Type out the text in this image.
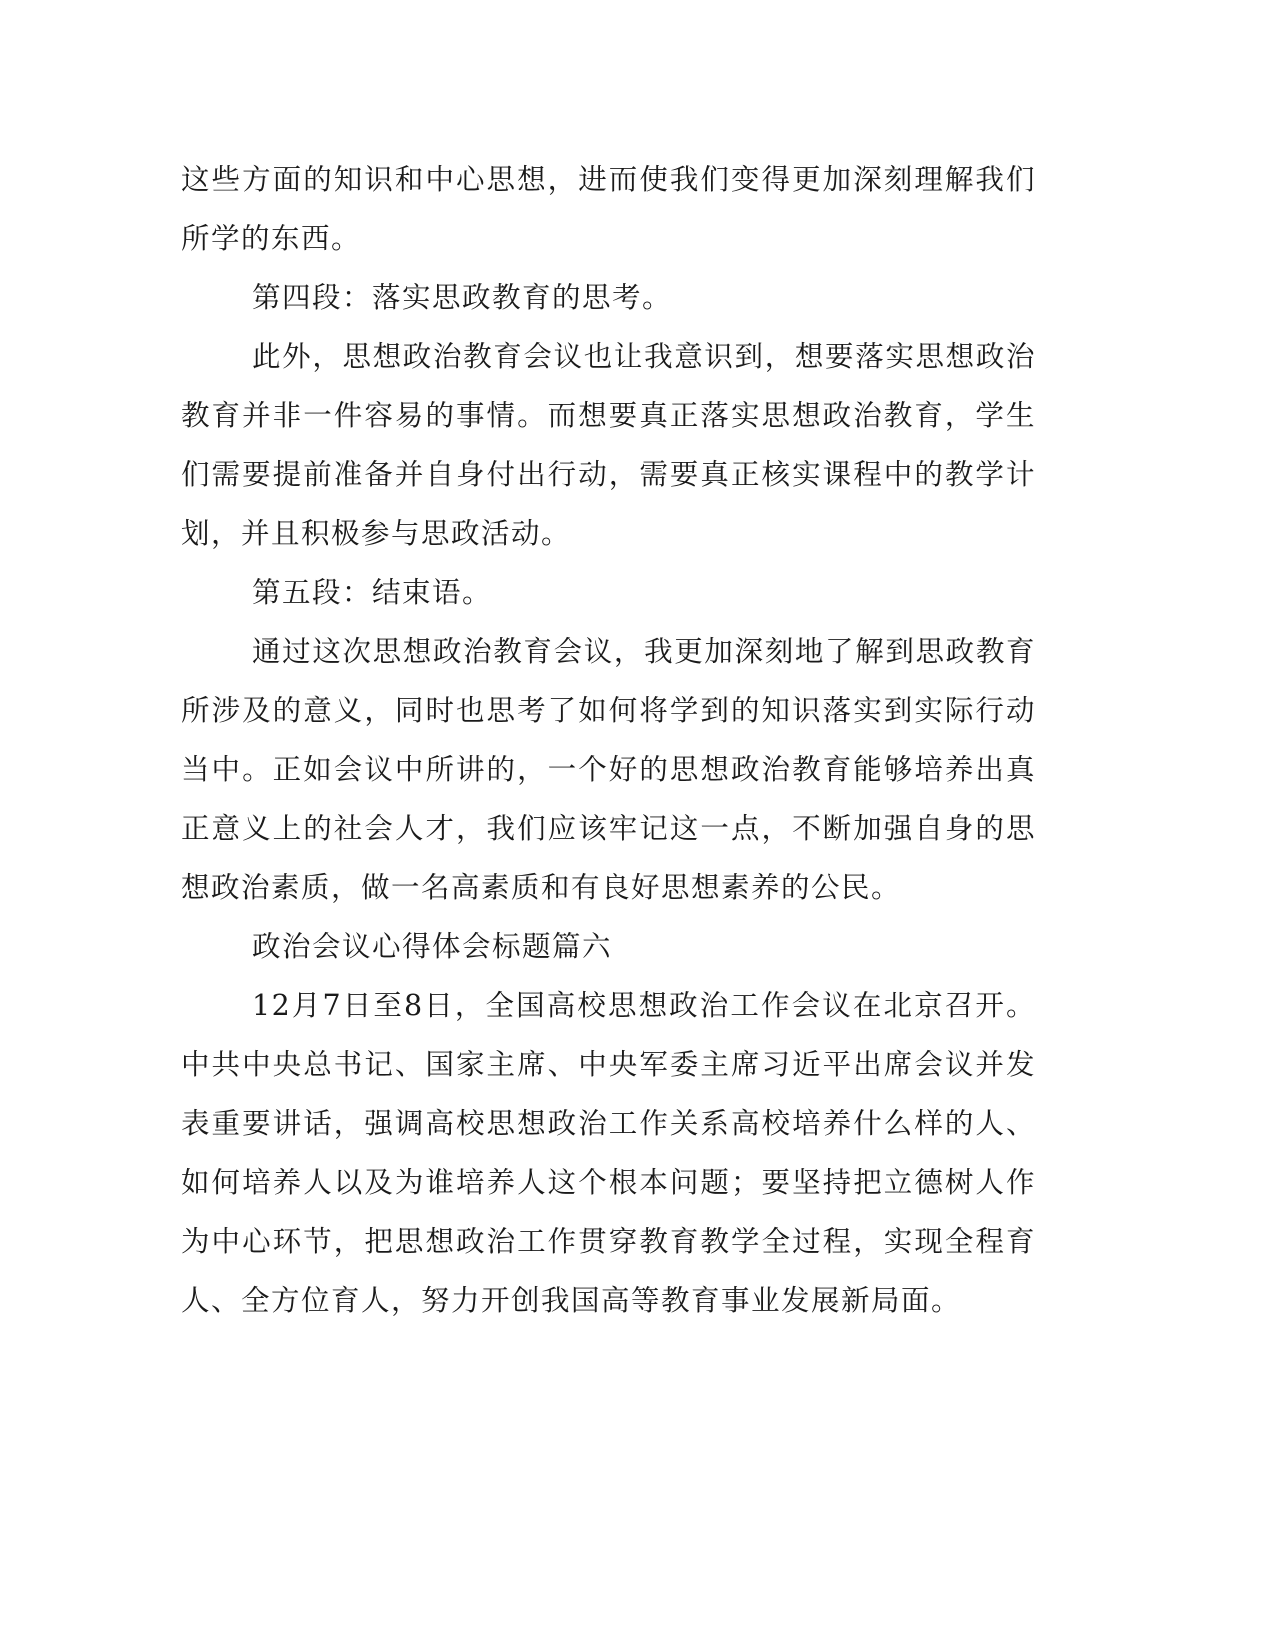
这些方面的知识和中心思想，进而使我们变得更加深刻理解我们所学的东西。

第四段：落实思政教育的思考。

此外，思想政治教育会议也让我意识到，想要落实思想政治教育并非一件容易的事情。而想要真正落实思想政治教育，学生们需要提前准备并自身付出行动，需要真正核实课程中的教学计划，并且积极参与思政活动。

第五段：结束语。

通过这次思想政治教育会议，我更加深刻地了解到思政教育所涉及的意义，同时也思考了如何将学到的知识落实到实际行动当中。正如会议中所讲的，一个好的思想政治教育能够培养出真正意义上的社会人才，我们应该牢记这一点，不断加强自身的思想政治素质，做一名高素质和有良好思想素养的公民。

政治会议心得体会标题篇六

12月7日至8日，全国高校思想政治工作会议在北京召开。中共中央总书记、国家主席、中央军委主席习近平出席会议并发表重要讲话，强调高校思想政治工作关系高校培养什么样的人、如何培养人以及为谁培养人这个根本问题；要坚持把立德树人作为中心环节，把思想政治工作贯穿教育教学全过程，实现全程育人、全方位育人，努力开创我国高等教育事业发展新局面。
